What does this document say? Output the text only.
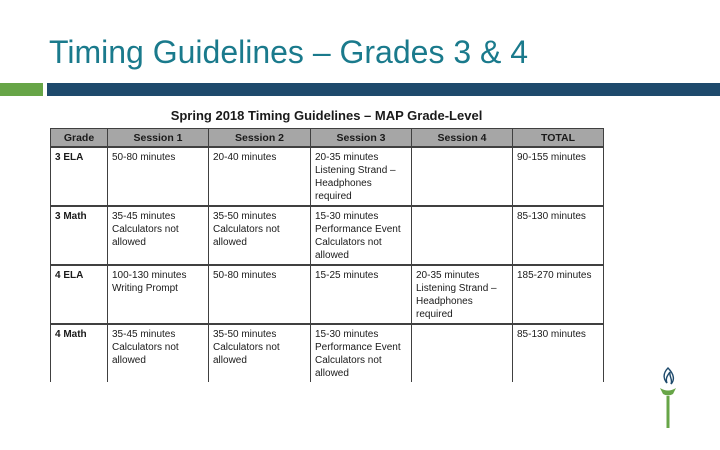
Timing Guidelines – Grades 3 & 4
Spring 2018 Timing Guidelines – MAP Grade-Level
Grade	Session 1	Session 2	Session 3	Session 4	TOTAL
3 ELA	50-80 minutes	20-40 minutes	20-35 minutes
Listening Strand –
Headphones
required		90-155 minutes

3 Math	35-45 minutes
Calculators not
allowed	35-50 minutes
Calculators not
allowed	15-30 minutes
Performance Event
Calculators not
allowed		85-130 minutes

4 ELA	100-130 minutes
Writing Prompt	50-80 minutes	15-25 minutes	20-35 minutes
Listening Strand –
Headphones
required	185-270 minutes

4 Math	35-45 minutes
Calculators not
allowed	35-50 minutes
Calculators not
allowed	15-30 minutes
Performance Event
Calculators not
allowed		85-130 minutes
